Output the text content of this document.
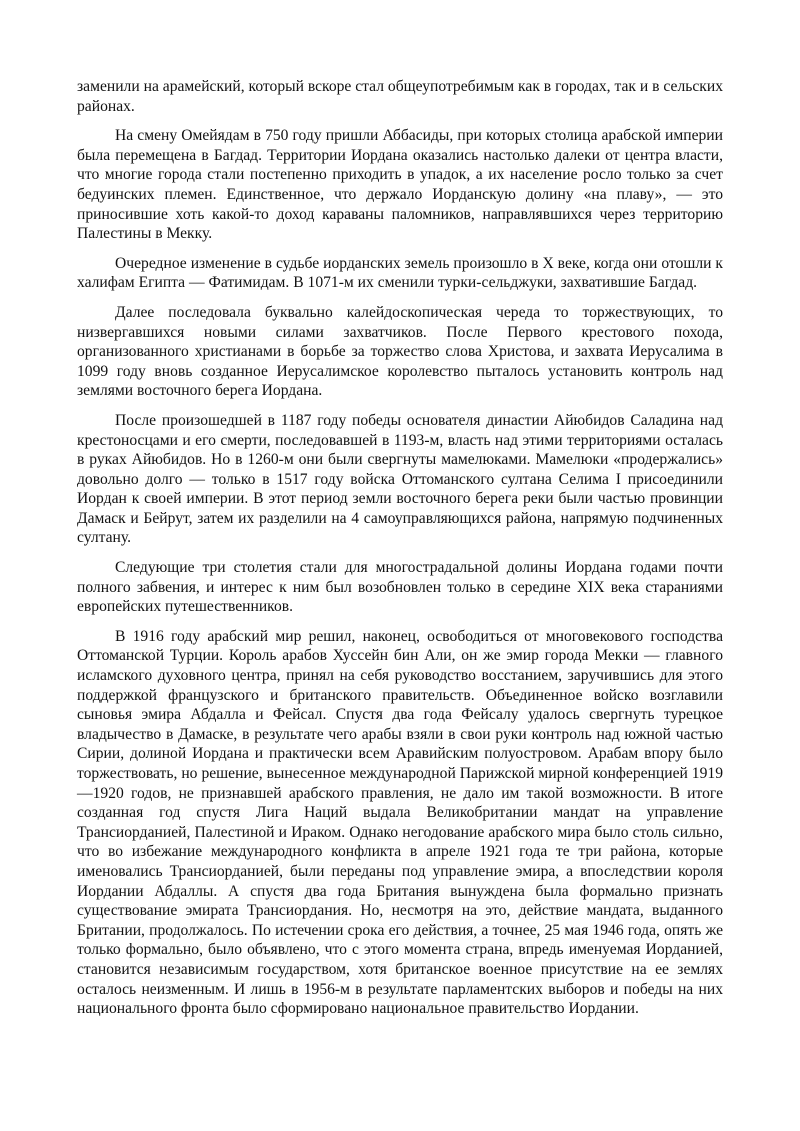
заменили на арамейский, который вскоре стал общеупотребимым как в городах, так и в сельских районах.

На смену Омейядам в 750 году пришли Аббасиды, при которых столица арабской империи была перемещена в Багдад. Территории Иордана оказались настолько далеки от центра власти, что многие города стали постепенно приходить в упадок, а их население росло только за счет бедуинских племен. Единственное, что держало Иорданскую долину «на плаву», — это приносившие хоть какой-то доход караваны паломников, направлявшихся через территорию Палестины в Мекку.

Очередное изменение в судьбе иорданских земель произошло в X веке, когда они отошли к халифам Египта — Фатимидам. В 1071-м их сменили турки-сельджуки, захватившие Багдад.

Далее последовала буквально калейдоскопическая череда то торжествующих, то низвергавшихся новыми силами захватчиков. После Первого крестового похода, организованного христианами в борьбе за торжество слова Христова, и захвата Иерусалима в 1099 году вновь созданное Иерусалимское королевство пыталось установить контроль над землями восточного берега Иордана.

После произошедшей в 1187 году победы основателя династии Айюбидов Саладина над крестоносцами и его смерти, последовавшей в 1193-м, власть над этими территориями осталась в руках Айюбидов. Но в 1260-м они были свергнуты мамелюками. Мамелюки «продержались» довольно долго — только в 1517 году войска Оттоманского султана Селима I присоединили Иордан к своей империи. В этот период земли восточного берега реки были частью провинции Дамаск и Бейрут, затем их разделили на 4 самоуправляющихся района, напрямую подчиненных султану.

Следующие три столетия стали для многострадальной долины Иордана годами почти полного забвения, и интерес к ним был возобновлен только в середине XIX века стараниями европейских путешественников.

В 1916 году арабский мир решил, наконец, освободиться от многовекового господства Оттоманской Турции. Король арабов Хуссейн бин Али, он же эмир города Мекки — главного исламского духовного центра, принял на себя руководство восстанием, заручившись для этого поддержкой французского и британского правительств. Объединенное войско возглавили сыновья эмира Абдалла и Фейсал. Спустя два года Фейсалу удалось свергнуть турецкое владычество в Дамаске, в результате чего арабы взяли в свои руки контроль над южной частью Сирии, долиной Иордана и практически всем Аравийским полуостровом. Арабам впору было торжествовать, но решение, вынесенное международной Парижской мирной конференцией 1919—1920 годов, не признавшей арабского правления, не дало им такой возможности. В итоге созданная год спустя Лига Наций выдала Великобритании мандат на управление Трансиорданией, Палестиной и Ираком. Однако негодование арабского мира было столь сильно, что во избежание международного конфликта в апреле 1921 года те три района, которые именовались Трансиорданией, были переданы под управление эмира, а впоследствии короля Иордании Абдаллы. А спустя два года Британия вынуждена была формально признать существование эмирата Трансиордания. Но, несмотря на это, действие мандата, выданного Британии, продолжалось. По истечении срока его действия, а точнее, 25 мая 1946 года, опять же только формально, было объявлено, что с этого момента страна, впредь именуемая Иорданией, становится независимым государством, хотя британское военное присутствие на ее землях осталось неизменным. И лишь в 1956-м в результате парламентских выборов и победы на них национального фронта было сформировано национальное правительство Иордании.
